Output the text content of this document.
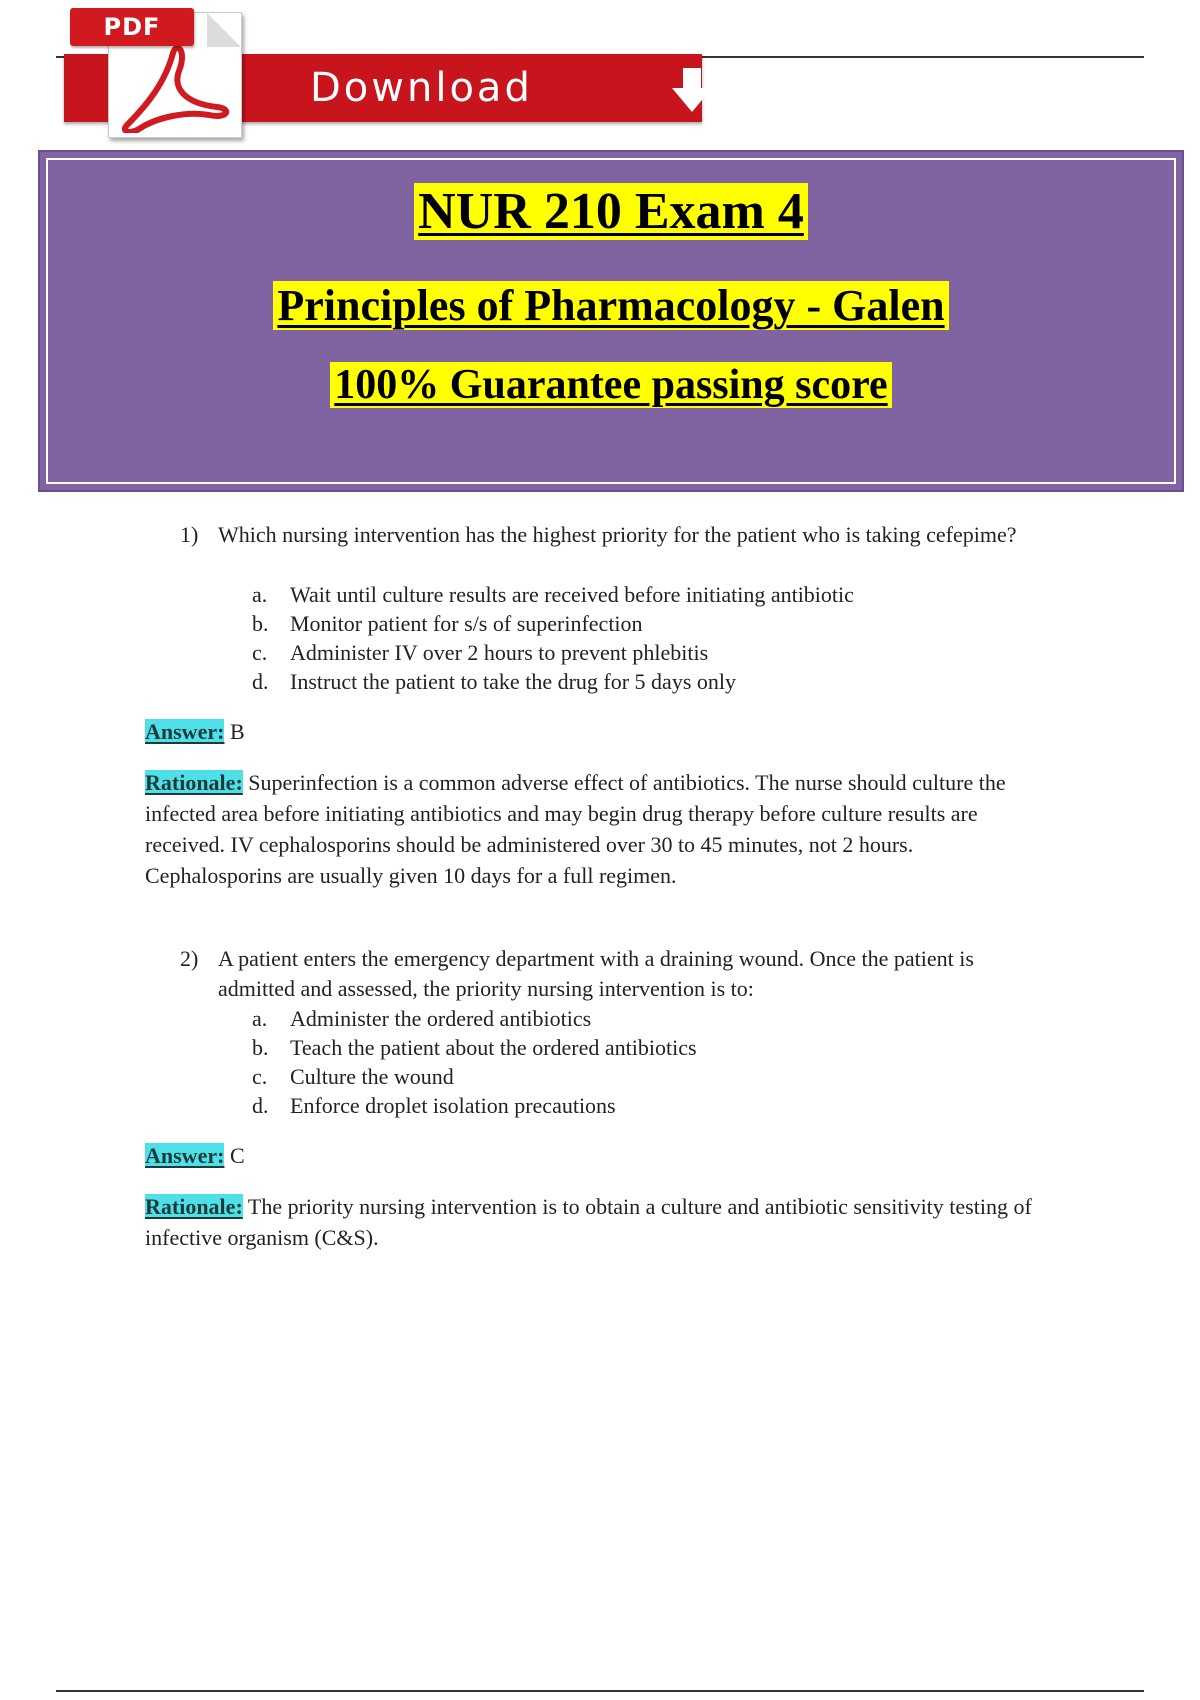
Download
PDF
NUR 210 Exam 4
Principles of Pharmacology - Galen
100% Guarantee passing score
1) Which nursing intervention has the highest priority for the patient who is taking cefepime?

a. Wait until culture results are received before initiating antibiotic
b. Monitor patient for s/s of superinfection
c. Administer IV over 2 hours to prevent phlebitis
d. Instruct the patient to take the drug for 5 days only

Answer: B

Rationale: Superinfection is a common adverse effect of antibiotics. The nurse should culture the infected area before initiating antibiotics and may begin drug therapy before culture results are received. IV cephalosporins should be administered over 30 to 45 minutes, not 2 hours. Cephalosporins are usually given 10 days for a full regimen.

2) A patient enters the emergency department with a draining wound. Once the patient is admitted and assessed, the priority nursing intervention is to:

a. Administer the ordered antibiotics
b. Teach the patient about the ordered antibiotics
c. Culture the wound
d. Enforce droplet isolation precautions

Answer: C

Rationale: The priority nursing intervention is to obtain a culture and antibiotic sensitivity testing of infective organism (C&S).
